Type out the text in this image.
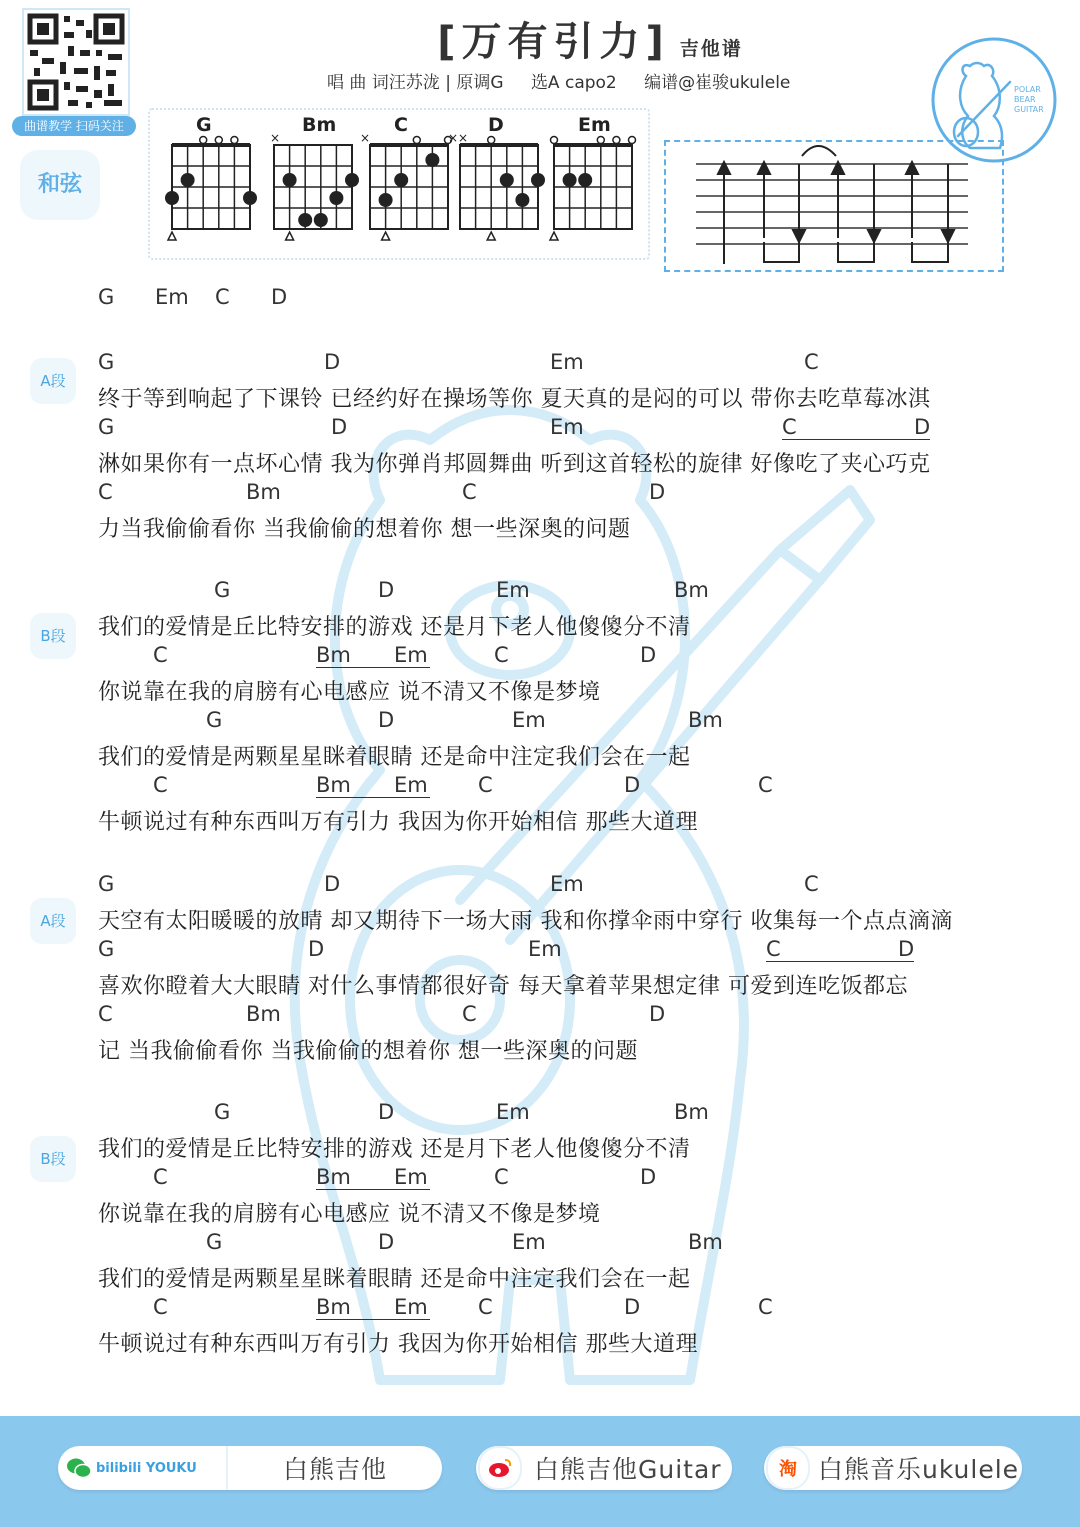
曲谱教学 扫码关注
[万有引力] 吉他谱
唱 曲 词汪苏泷 | 原调G 选A capo2 编谱@崔骏ukulele	POLAR
BEAR
GUITAR
和弦
G	Bm
×
C
×
D
××
Em
G Em C D
A段
G	D	Em	C
终于等到响起了下课铃 已经约好在操场等你 夏天真的是闷的可以 带你去吃草莓冰淇
G	D	Em	C	D
淋如果你有一点坏心情 我为你弹肖邦圆舞曲 听到这首轻松的旋律 好像吃了夹心巧克
C	Bm	C	D
力当我偷偷看你 当我偷偷的想着你 想一些深奥的问题
B段
G	D	Em	Bm
我们的爱情是丘比特安排的游戏 还是月下老人他傻傻分不清
C	Bm	Em	C	D
你说靠在我的肩膀有心电感应 说不清又不像是梦境
G	D	Em	Bm
我们的爱情是两颗星星眯着眼睛 还是命中注定我们会在一起
C	Bm	Em C	D	C
牛顿说过有种东西叫万有引力 我因为你开始相信 那些大道理
A段
G	D	Em	C
天空有太阳暖暖的放晴 却又期待下一场大雨 我和你撑伞雨中穿行 收集每一个点点滴滴
G	D	Em	C	D
喜欢你瞪着大大眼睛 对什么事情都很好奇 每天拿着苹果想定律 可爱到连吃饭都忘
C	Bm	C	D
记 当我偷偷看你 当我偷偷的想着你 想一些深奥的问题
B段
G	D	Em	Bm
我们的爱情是丘比特安排的游戏 还是月下老人他傻傻分不清
C	Bm	Em	C	D
你说靠在我的肩膀有心电感应 说不清又不像是梦境
G	D	Em	Bm
我们的爱情是两颗星星眯着眼睛 还是命中注定我们会在一起
C	Bm	Em C	D	C
牛顿说过有种东西叫万有引力 我因为你开始相信 那些大道理
bilibili YOUKU	白熊吉他	白熊吉他Guitar	淘 白熊音乐ukulele
